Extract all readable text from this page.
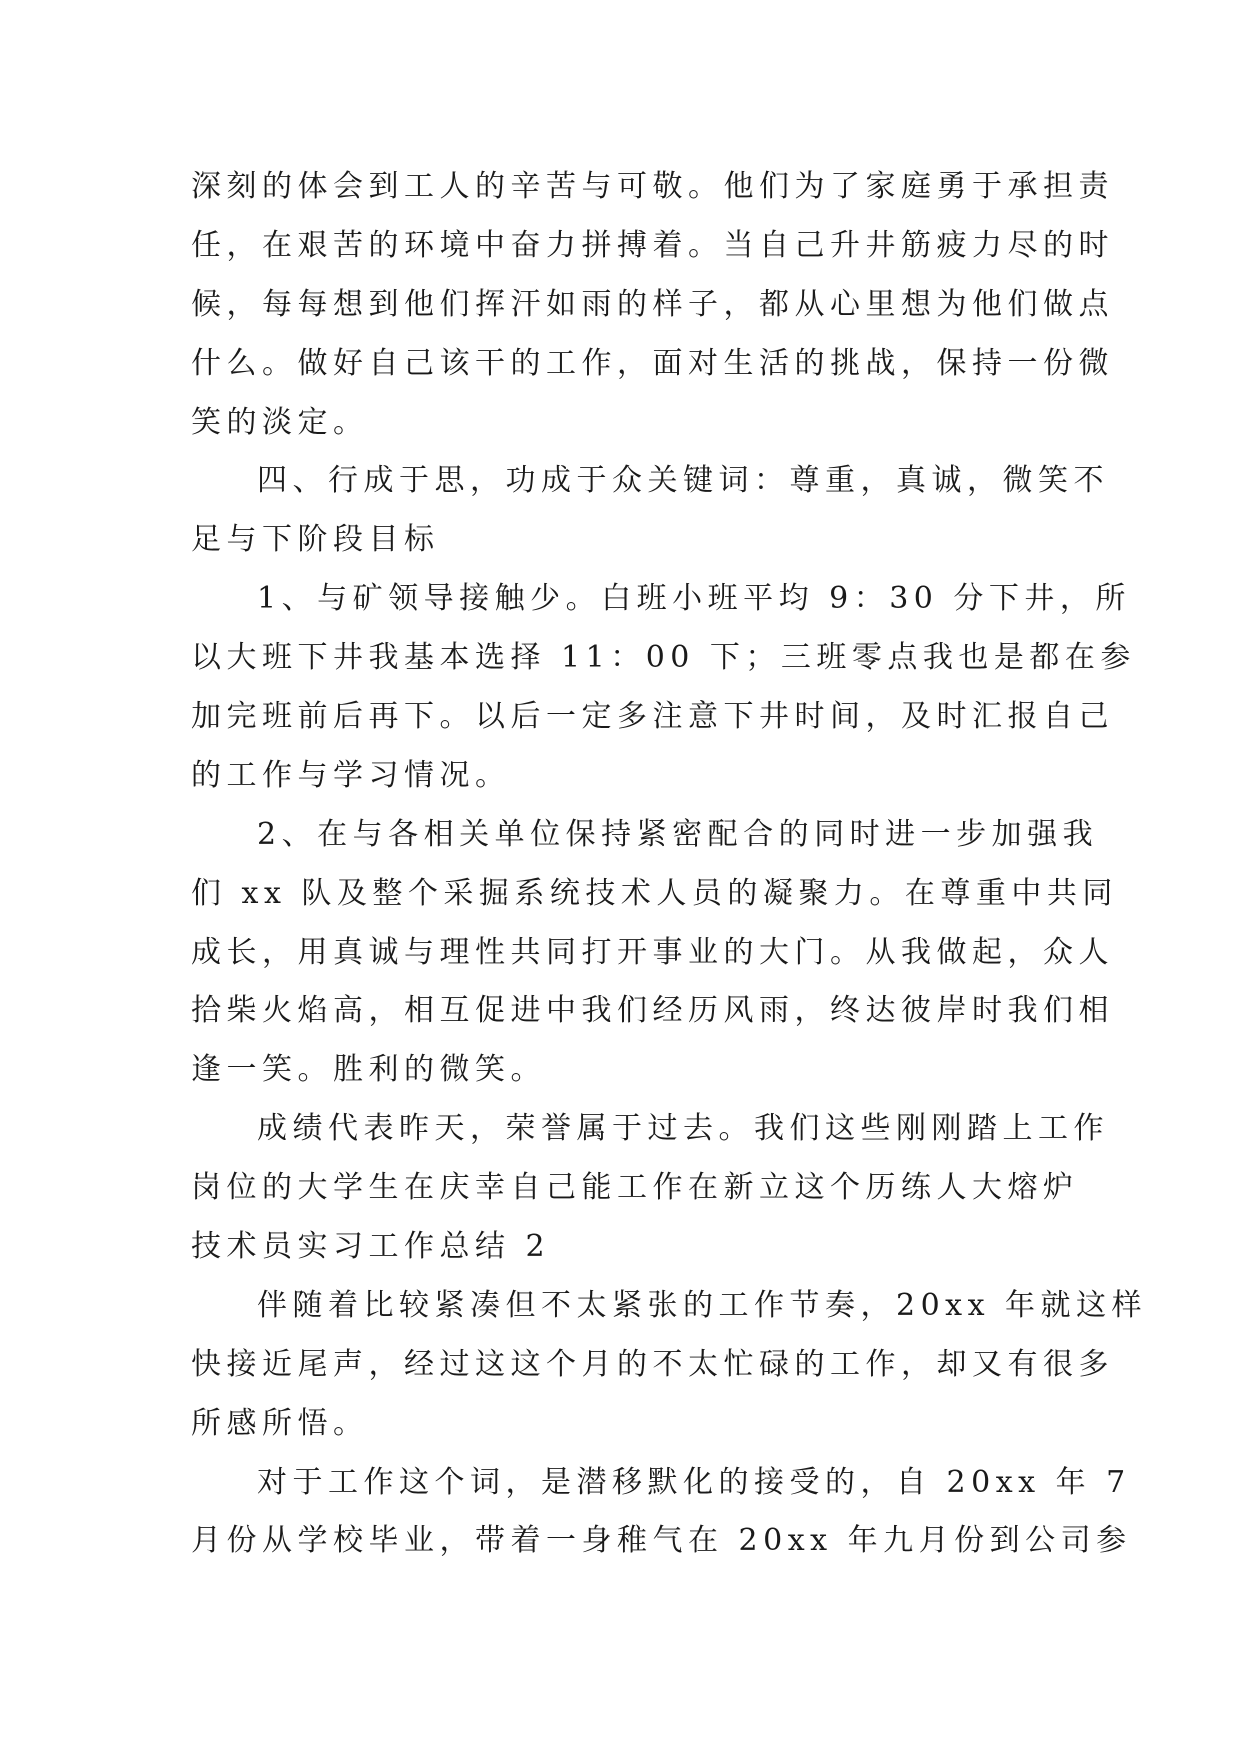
深刻的体会到工人的辛苦与可敬。他们为了家庭勇于承担责
任，在艰苦的环境中奋力拼搏着。当自己升井筋疲力尽的时
候，每每想到他们挥汗如雨的样子，都从心里想为他们做点
什么。做好自己该干的工作，面对生活的挑战，保持一份微
笑的淡定。
四、行成于思，功成于众关键词：尊重，真诚，微笑不
足与下阶段目标
1、与矿领导接触少。白班小班平均 9：30 分下井，所
以大班下井我基本选择 11：00 下；三班零点我也是都在参
加完班前后再下。以后一定多注意下井时间，及时汇报自己
的工作与学习情况。
2、在与各相关单位保持紧密配合的同时进一步加强我
们 xx 队及整个采掘系统技术人员的凝聚力。在尊重中共同
成长，用真诚与理性共同打开事业的大门。从我做起，众人
拾柴火焰高，相互促进中我们经历风雨，终达彼岸时我们相
逢一笑。胜利的微笑。
成绩代表昨天，荣誉属于过去。我们这些刚刚踏上工作
岗位的大学生在庆幸自己能工作在新立这个历练人大熔炉
技术员实习工作总结 2
伴随着比较紧凑但不太紧张的工作节奏，20xx 年就这样
快接近尾声，经过这这个月的不太忙碌的工作，却又有很多
所感所悟。
对于工作这个词，是潜移默化的接受的，自 20xx 年 7
月份从学校毕业，带着一身稚气在 20xx 年九月份到公司参
